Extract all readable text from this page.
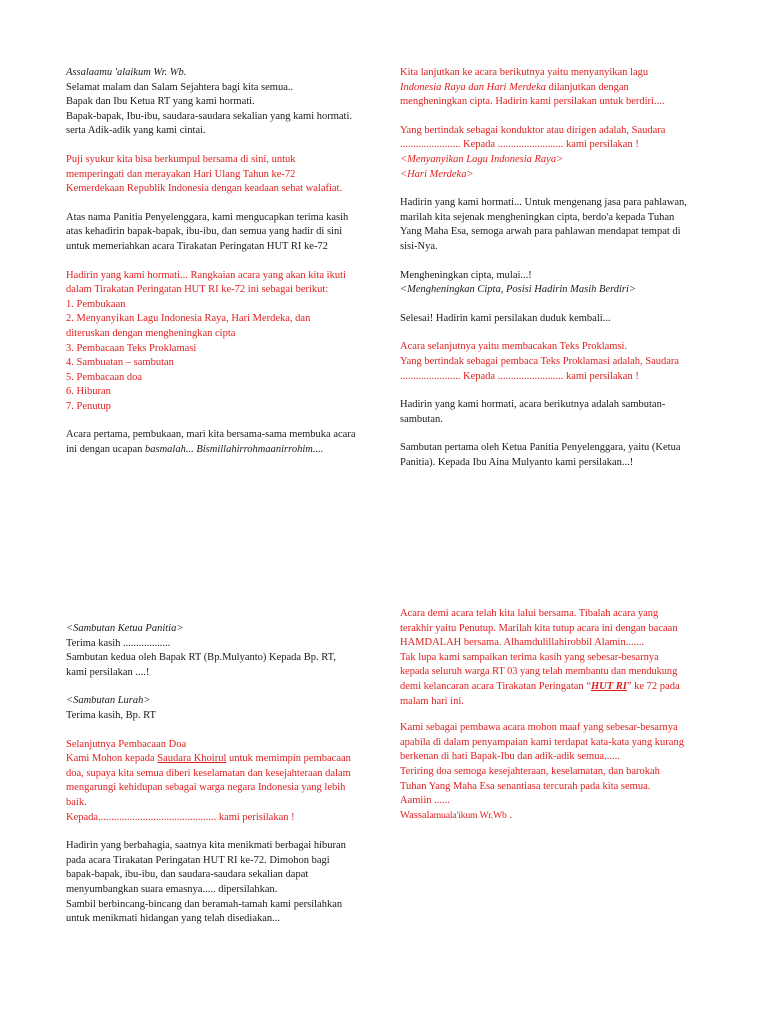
Assalaamu 'alaikum Wr. Wb.

Selamat malam dan Salam Sejahtera bagi kita semua..

Bapak dan Ibu Ketua RT yang kami hormati.

Bapak-bapak, Ibu-ibu, saudara-saudara sekalian yang kami hormati.

serta Adik-adik yang kami cintai.

Puji syukur kita bisa berkumpul bersama di sini, untuk

memperingati dan merayakan Hari Ulang Tahun ke-72

Kemerdekaan Republik Indonesia dengan keadaan sehat walafiat.

Atas nama Panitia Penyelenggara, kami mengucapkan terima kasih

atas kehadirin bapak-bapak, ibu-ibu, dan semua yang hadir di sini

untuk memeriahkan acara Tirakatan Peringatan HUT RI ke-72

Hadirin yang kami hormati... Rangkaian acara yang akan kita ikuti

dalam Tirakatan Peringatan HUT RI ke-72 ini sebagai berikut:

1. Pembukaan

2. Menyanyikan Lagu Indonesia Raya, Hari Merdeka, dan

diteruskan dengan mengheningkan cipta

3. Pembacaan Teks Proklamasi

4. Sambuatan – sambutan

5. Pembacaan doa

6. Hiburan

7. Penutup

Acara pertama, pembukaan, mari kita bersama-sama membuka acara

ini dengan ucapan basmalah... Bismillahirrohmaanirrohim....

Kita lanjutkan ke acara berikutnya yaitu menyanyikan lagu

Indonesia Raya dan Hari Merdeka dilanjutkan dengan

mengheningkan cipta. Hadirin kami persilakan untuk berdiri....

Yang bertindak sebagai konduktor atau dirigen adalah, Saudara

....................... Kepada ......................... kami persilakan !

<Menyanyikan Lagu Indonesia Raya>

<Hari Merdeka>

Hadirin yang kami hormati... Untuk mengenang jasa para pahlawan,

marilah kita sejenak mengheningkan cipta, berdo'a kepada Tuhan

Yang Maha Esa, semoga arwah para pahlawan mendapat tempat di

sisi-Nya.

Mengheningkan cipta, mulai...!

<Mengheningkan Cipta, Posisi Hadirin Masih Berdiri>

Selesai! Hadirin kami persilakan duduk kembali...

Acara selanjutnya yaitu membacakan Teks Proklamsi.

Yang bertindak sebagai pembaca Teks Proklamasi adalah, Saudara

....................... Kepada ......................... kami persilakan !

Hadirin yang kami hormati, acara berikutnya adalah sambutan-

sambutan.

Sambutan pertama oleh Ketua Panitia Penyelenggara, yaitu (Ketua

Panitia). Kepada Ibu Aina Mulyanto kami persilakan...!

<Sambutan Ketua Panitia>

Terima kasih ..................

Sambutan kedua oleh Bapak RT (Bp.Mulyanto) Kepada Bp. RT,

kami persilakan ....!

<Sambutan Lurah>

Terima kasih, Bp. RT

Selanjutnya Pembacaan Doa

Kami Mohon kepada Saudara Khoirul untuk memimpin pembacaan

doa, supaya kita semua diberi keselamatan dan kesejahteraan dalam

mengarungi kehidupan sebagai warga negara Indonesia yang lebih

baik.

Kepada............................................. kami perisilakan !

Hadirin yang berbahagia, saatnya kita menikmati berbagai hiburan

pada acara Tirakatan Peringatan HUT RI ke-72. Dimohon bagi

bapak-bapak, ibu-ibu, dan saudara-saudara sekalian dapat

menyumbangkan suara emasnya..... dipersilahkan.

Sambil berbincang-bincang dan beramah-tamah kami persilahkan

untuk menikmati hidangan yang telah disediakan...

Acara demi acara telah kita lalui bersama. Tibalah acara yang

terakhir yaitu Penutup. Marilah kita tutup acara ini dengan bacaan

HAMDALAH bersama. Alhamdulillahirobbil Alamin.......

Tak lupa kami sampaikan terima kasih yang sebesar-besarnya

kepada seluruh warga RT 03 yang telah membantu dan mendukung

demi kelancaran acara Tirakatan Peringatan “HUT RI” ke 72 pada

malam hari ini.

Kami sebagai pembawa acara mohon maaf yang sebesar-besarnya

apabila di dalam penyampaian kami terdapat kata-kata yang kurang

berkenan di hati Bapak-Ibu dan adik-adik semua......

Teriring doa semoga kesejahteraan, keselamatan, dan barokah

Tuhan Yang Maha Esa senantiasa tercurah pada kita semua.

Aamiin ......

Wassalamuala'ikum Wr.Wb .
